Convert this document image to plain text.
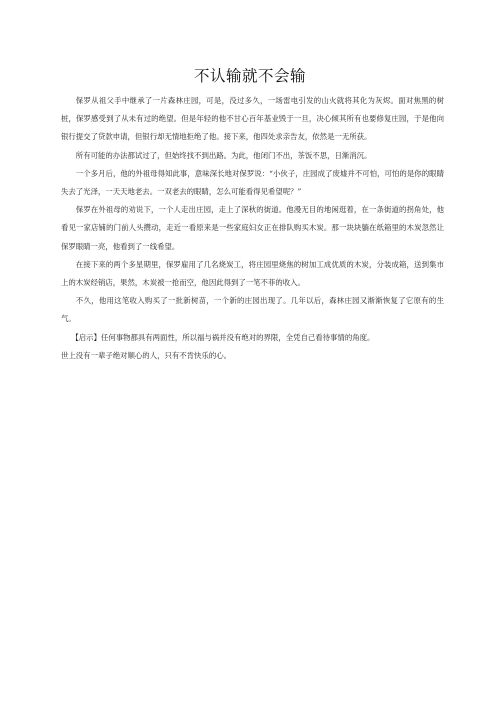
不认输就不会输

保罗从祖父手中继承了一片森林庄园，可是，没过多久，一场雷电引发的山火就将其化为灰烬。面对焦黑的树桩，保罗感受到了从未有过的绝望。但是年轻的他不甘心百年基业毁于一旦，决心倾其所有也要修复庄园，于是他向银行提交了贷款申请，但银行却无情地拒绝了他。接下来，他四处求亲告友，依然是一无所获。

所有可能的办法都试过了，但始终找不到出路。为此，他闭门不出，茶饭不思，日渐消沉。

一个多月后，他的外祖母得知此事，意味深长地对保罗说：“小伙子，庄园成了废墟并不可怕，可怕的是你的眼睛失去了光泽，一天天地老去。一双老去的眼睛，怎么可能看得见希望呢？”

保罗在外祖母的劝说下，一个人走出庄园，走上了深秋的街道。他漫无目的地闲逛着，在一条街道的拐角处，他看见一家店铺的门前人头攒动，走近一看原来是一些家庭妇女正在排队购买木炭。那一块块躺在纸箱里的木炭忽然让保罗眼睛一亮，他看到了一线希望。

在接下来的两个多星期里，保罗雇用了几名烧炭工，将庄园里烧焦的树加工成优质的木炭，分装成箱，送到集市上的木炭经销店，果然，木炭被一抢而空，他因此得到了一笔不菲的收入。

不久，他用这笔收入购买了一批新树苗，一个新的庄园出现了。几年以后，森林庄园又渐渐恢复了它原有的生气。

【启示】任何事物都具有两面性，所以福与祸并没有绝对的界限，全凭自己看待事情的角度。

世上没有一辈子绝对顺心的人，只有不肯快乐的心。
